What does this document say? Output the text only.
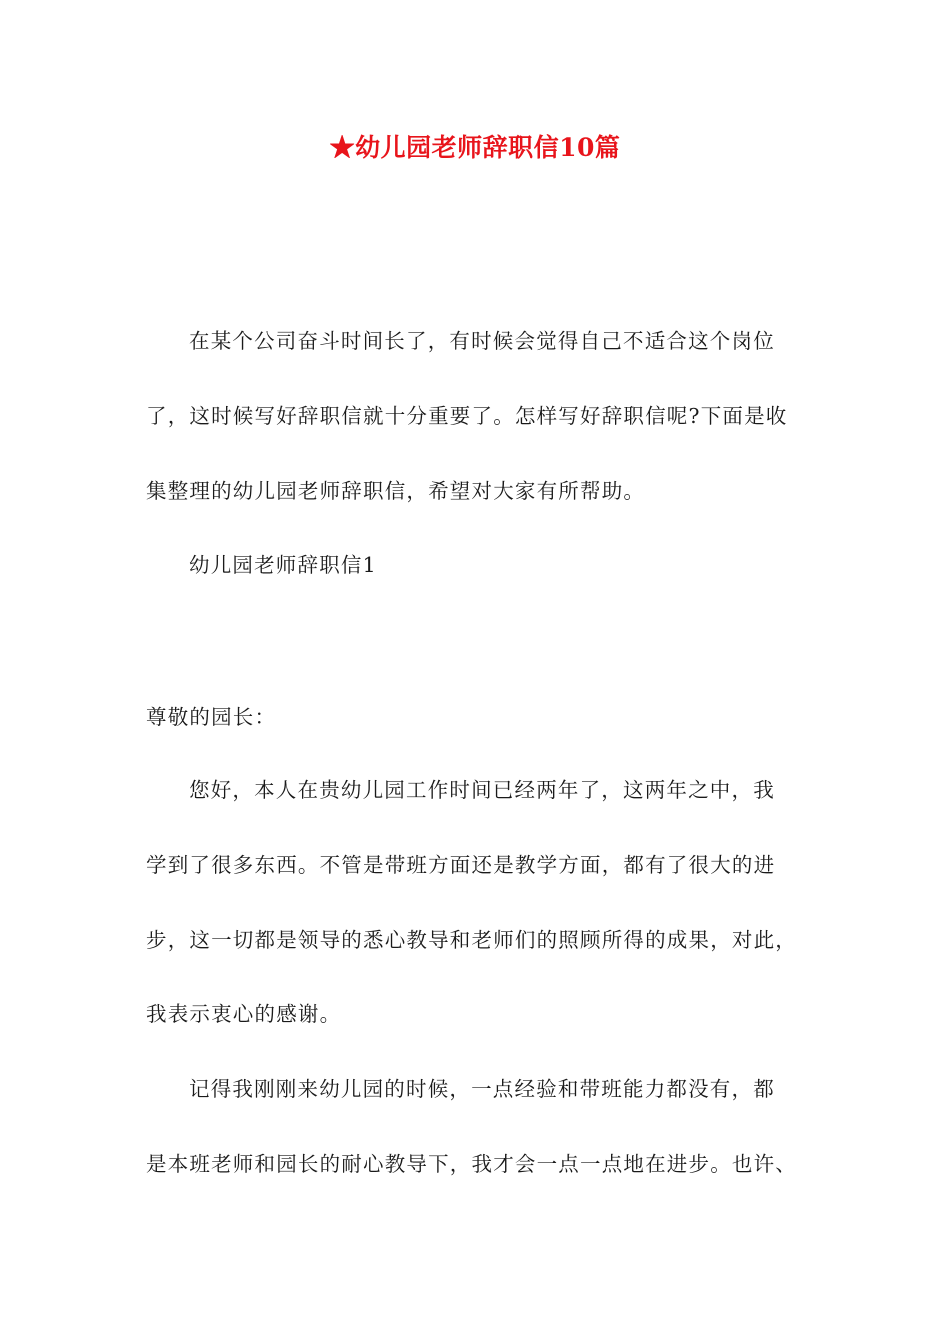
★幼儿园老师辞职信10篇
在某个公司奋斗时间长了，有时候会觉得自己不适合这个岗位
了，这时候写好辞职信就十分重要了。怎样写好辞职信呢?下面是收
集整理的幼儿园老师辞职信，希望对大家有所帮助。
幼儿园老师辞职信1
尊敬的园长：
您好，本人在贵幼儿园工作时间已经两年了，这两年之中，我
学到了很多东西。不管是带班方面还是教学方面，都有了很大的进
步，这一切都是领导的悉心教导和老师们的照顾所得的成果，对此，
我表示衷心的感谢。
记得我刚刚来幼儿园的时候，一点经验和带班能力都没有，都
是本班老师和园长的耐心教导下，我才会一点一点地在进步。也许、
